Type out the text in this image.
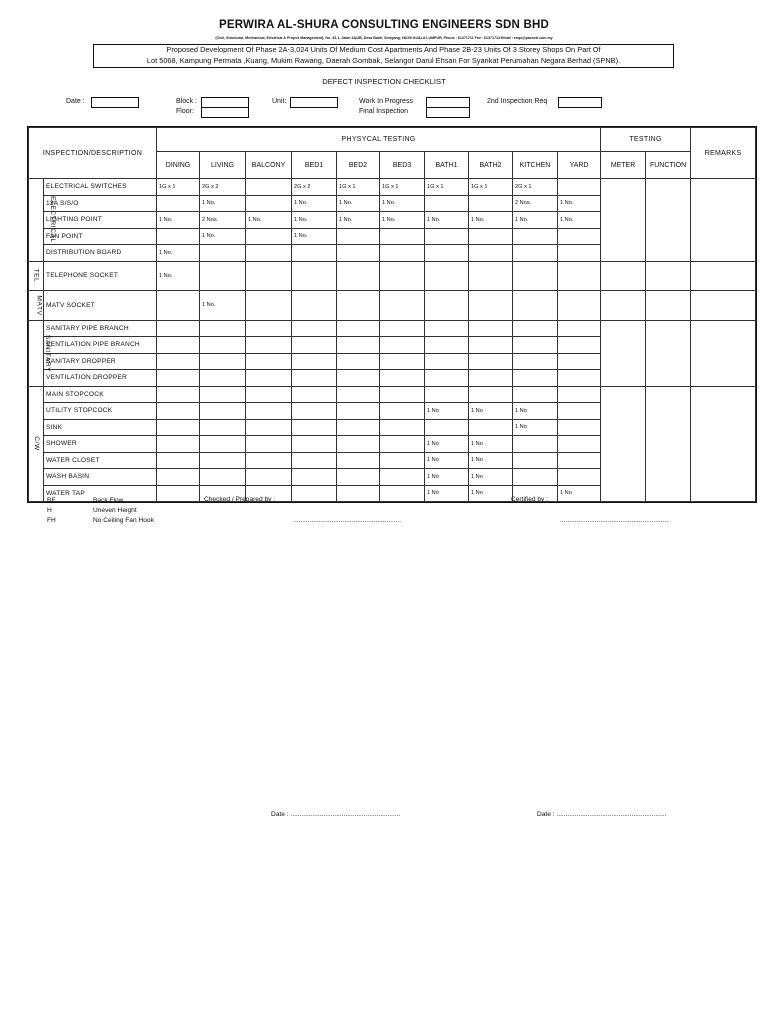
PERWIRA AL-SHURA CONSULTING ENGINEERS SDN BHD
(Civil, Structural, Mechanical, Electrical & Project Management), No. 33-1, Jalan 3A/2B, Desa Bakti, Selayang, 68100 KUALA LUMPUR, Phone : 61371711 Fax : 61371713 Email : enqs@pacseb.com.my
Proposed Development Of Phase 2A-3,024 Units Of Medium Cost Apartments And Phase 2B-23 Units Of 3 Storey Shops On Part Of
Lot 5068, Kampung Permata ,Kuang, Mukim Rawang, Daerah Gombak, Selangor Darul Ehsan For Syarikat Perumahan Negara Berhad (SPNB).
DEFECT INSPECTION CHECKLIST
Date :	Block :
Floor:
Unit:	Work In Progress
Final Inspection
2nd Inspection Req
INSPECTION/DESCRIPTION		PHYSYCAL TESTING										TESTING		REMARKS
		DINING	LIVING	BALCONY	BED1	BED2	BED3	BATH1	BATH2	KITCHEN	YARD	METER	FUNCTION	
ELECTRICAL	ELECTRICAL SWITCHES	1G x 1	2G x 2		2G x 2	1G x 1	1G x 1	1G x 1	1G x 1	2G x 1				
	13A S/S/O		1 No.		1 No.	1 No.	1 No.			2 Nos.	1 No.			
	LIGHTING POINT	1 No.	2 Nos.	1 No.	1 No.	1 No.	1 No.	1 No.	1 No.	1 No.	1 No.			
	FAN POINT		1 No.		1 No.									
	DISTRIBUTION BOARD	1 No.												
TEL	TELEPHONE SOCKET	1 No.												
MATV	MATV SOCKET		1 No.											
SANITARY	SANITARY PIPE BRANCH													
	VENTILATION PIPE BRANCH													
	SANITARY DROPPER													
	VENTILATION DROPPER													
C/W	MAIN STOPCOCK													
	UTILITY STOPCOCK							1 No	1 No	1 No				
	SINK									1 No				
	SHOWER							1 No	1 No					
	WATER CLOSET							1 No	1 No					
	WASH BASIN							1 No	1 No					
	WATER TAP							1 No	1 No		1 No			
BF	Back Flow
H	Uneven Height
FH	No Ceiling Fan Hook
Checked / Prepared by :	Certified by :
...........................................................	...........................................................
Date : ............................................................	Date : ............................................................
